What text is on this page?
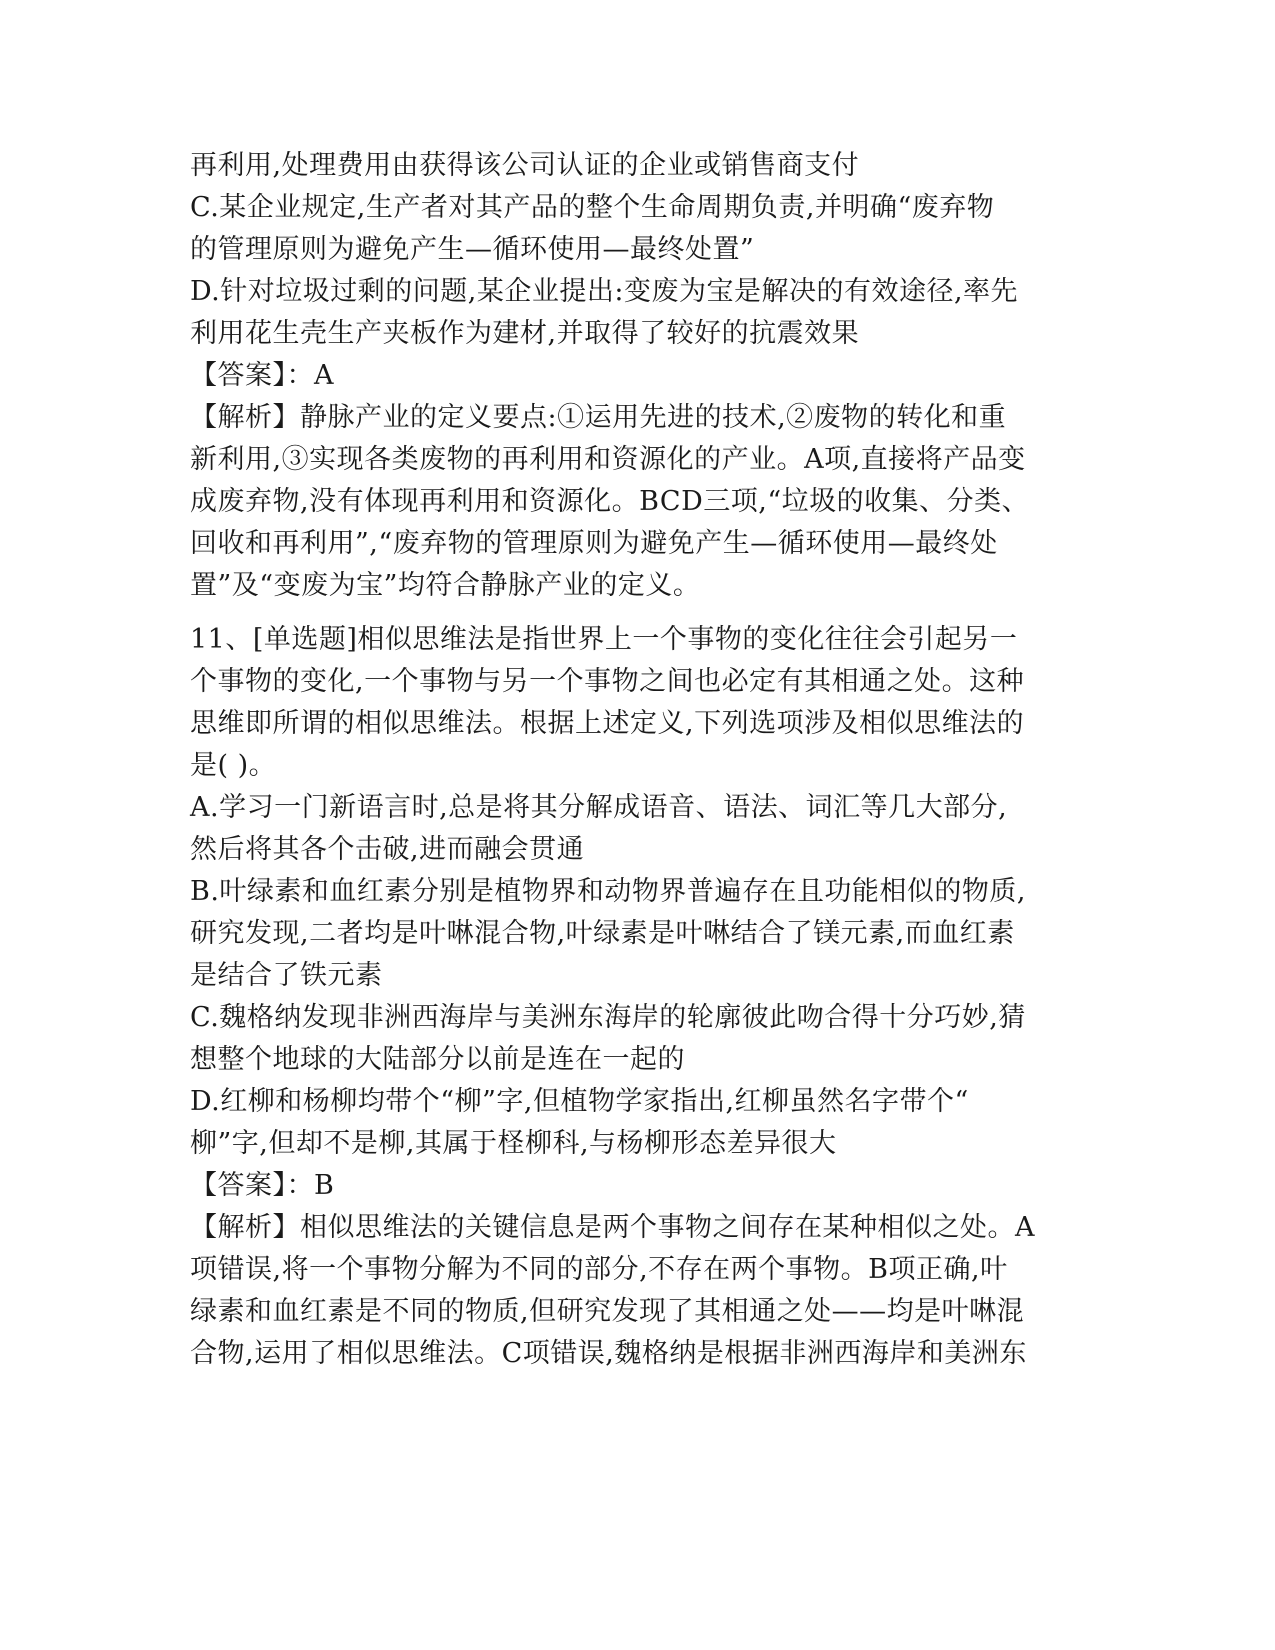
再利用,处理费用由获得该公司认证的企业或销售商支付
C.某企业规定,生产者对其产品的整个生命周期负责,并明确“废弃物
的管理原则为避免产生—循环使用—最终处置”
D.针对垃圾过剩的问题,某企业提出:变废为宝是解决的有效途径,率先
利用花生壳生产夹板作为建材,并取得了较好的抗震效果
【答案】：A
【解析】静脉产业的定义要点:①运用先进的技术,②废物的转化和重
新利用,③实现各类废物的再利用和资源化的产业。A项,直接将产品变
成废弃物,没有体现再利用和资源化。BCD三项,“垃圾的收集、分类、
回收和再利用”,“废弃物的管理原则为避免产生—循环使用—最终处
置”及“变废为宝”均符合静脉产业的定义。
11、[单选题]相似思维法是指世界上一个事物的变化往往会引起另一
个事物的变化,一个事物与另一个事物之间也必定有其相通之处。这种
思维即所谓的相似思维法。根据上述定义,下列选项涉及相似思维法的
是( )。
A.学习一门新语言时,总是将其分解成语音、语法、词汇等几大部分,
然后将其各个击破,进而融会贯通
B.叶绿素和血红素分别是植物界和动物界普遍存在且功能相似的物质,
研究发现,二者均是叶啉混合物,叶绿素是叶啉结合了镁元素,而血红素
是结合了铁元素
C.魏格纳发现非洲西海岸与美洲东海岸的轮廓彼此吻合得十分巧妙,猜
想整个地球的大陆部分以前是连在一起的
D.红柳和杨柳均带个“柳”字,但植物学家指出,红柳虽然名字带个“
柳”字,但却不是柳,其属于柽柳科,与杨柳形态差异很大
【答案】：B
【解析】相似思维法的关键信息是两个事物之间存在某种相似之处。A
项错误,将一个事物分解为不同的部分,不存在两个事物。B项正确,叶
绿素和血红素是不同的物质,但研究发现了其相通之处——均是叶啉混
合物,运用了相似思维法。C项错误,魏格纳是根据非洲西海岸和美洲东
